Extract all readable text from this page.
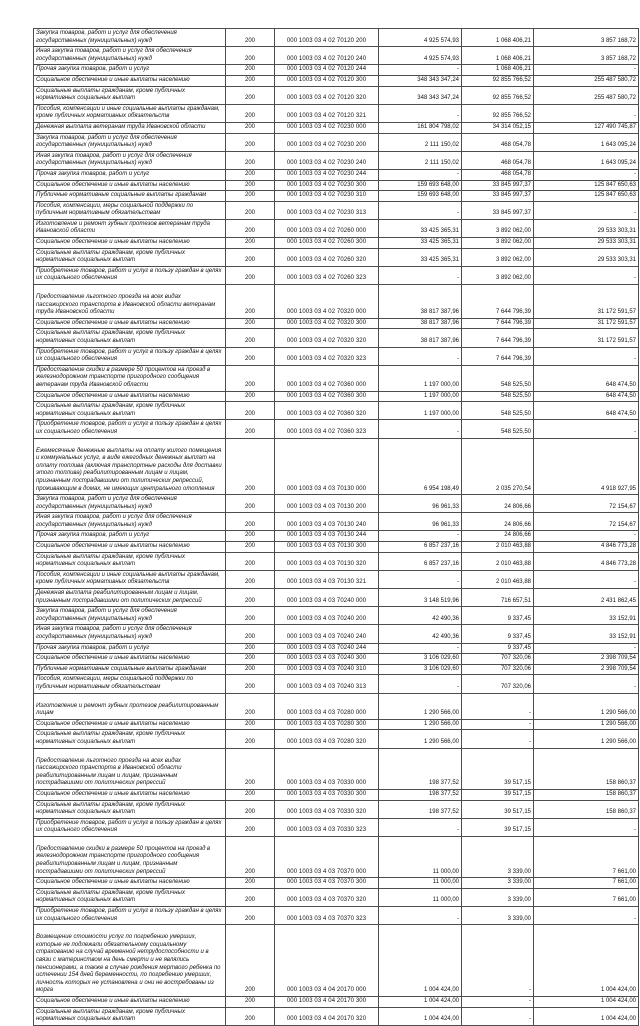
Закупка товаров, работ и услуг для обеспечения государственных (муниципальных) нужд	200	000 1003 03 4 02 70120 200	4 925 574,93	1 068 406,21	3 857 168,72
Иная закупка товаров, работ и услуг для обеспечения государственных (муниципальных) нужд	200	000 1003 03 4 02 70120 240	4 925 574,93	1 068 406,21	3 857 168,72
Прочая закупка товаров, работ и услуг	200	000 1003 03 4 02 70120 244	-	1 068 406,21	-
Социальное обеспечение и иные выплаты населению	200	000 1003 03 4 02 70120 300	348 343 347,24	92 855 766,52	255 487 580,72
Социальные выплаты гражданам, кроме публичных нормативных социальных выплат	200	000 1003 03 4 02 70120 320	348 343 347,24	92 855 766,52	255 487 580,72
Пособия, компенсации и иные социальные выплаты гражданам, кроме публичных нормативных обязательств	200	000 1003 03 4 02 70120 321	-	92 855 766,52	-
Денежная выплата ветеранам труда Ивановской области	200	000 1003 03 4 02 70230 000	161 804 798,02	34 314 052,15	127 490 745,87
Закупка товаров, работ и услуг для обеспечения государственных (муниципальных) нужд	200	000 1003 03 4 02 70230 200	2 111 150,02	468 054,78	1 643 095,24
Иная закупка товаров, работ и услуг для обеспечения государственных (муниципальных) нужд	200	000 1003 03 4 02 70230 240	2 111 150,02	468 054,78	1 643 095,24
Прочая закупка товаров, работ и услуг	200	000 1003 03 4 02 70230 244	-	468 054,78	-
Социальное обеспечение и иные выплаты населению	200	000 1003 03 4 02 70230 300	159 693 648,00	33 845 997,37	125 847 650,63
Публичные нормативные социальные выплаты гражданам	200	000 1003 03 4 02 70230 310	159 693 648,00	33 845 997,37	125 847 650,63
Пособия, компенсации, меры социальной поддержки по публичным нормативным обязательствам	200	000 1003 03 4 02 70230 313	-	33 845 997,37	-
Изготовление и ремонт зубных протезов ветеранам труда Ивановской области	200	000 1003 03 4 02 70260 000	33 425 365,31	3 892 062,00	29 533 303,31
Социальное обеспечение и иные выплаты населению	200	000 1003 03 4 02 70260 300	33 425 365,31	3 892 062,00	29 533 303,31
Социальные выплаты гражданам, кроме публичных нормативных социальных выплат	200	000 1003 03 4 02 70260 320	33 425 365,31	3 892 062,00	29 533 303,31
Приобретение товаров, работ и услуг в пользу граждан в целях их социального обеспечения	200	000 1003 03 4 02 70260 323	-	3 892 062,00	-
Предоставление льготного проезда на всех видах пассажирского транспорта в Ивановской области ветеранам труда Ивановской области	200	000 1003 03 4 02 70320 000	38 817 387,96	7 644 796,39	31 172 591,57
Социальное обеспечение и иные выплаты населению	200	000 1003 03 4 02 70320 300	38 817 387,96	7 644 796,39	31 172 591,57
Социальные выплаты гражданам, кроме публичных нормативных социальных выплат	200	000 1003 03 4 02 70320 320	38 817 387,96	7 644 796,39	31 172 591,57
Приобретение товаров, работ и услуг в пользу граждан в целях их социального обеспечения	200	000 1003 03 4 02 70320 323	-	7 644 796,39	-
Предоставление скидки в размере 50 процентов на проезд в железнодорожном транспорте пригородного сообщения ветеранам труда Ивановской области	200	000 1003 03 4 02 70360 000	1 197 000,00	548 525,50	648 474,50
Социальное обеспечение и иные выплаты населению	200	000 1003 03 4 02 70360 300	1 197 000,00	548 525,50	648 474,50
Социальные выплаты гражданам, кроме публичных нормативных социальных выплат	200	000 1003 03 4 02 70360 320	1 197 000,00	548 525,50	648 474,50
Приобретение товаров, работ и услуг в пользу граждан в целях их социального обеспечения	200	000 1003 03 4 02 70360 323	-	548 525,50	-
Ежемесячные денежные выплаты на оплату жилого помещения и коммунальных услуг, в виде ежегодных денежных выплат на оплату топлива (включая транспортные расходы для доставки этого топлива) реабилитированным лицам и лицам, признанным пострадавшими от политических репрессий, проживающим в домах, не имеющих центрального отопления	200	000 1003 03 4 03 70130 000	6 954 198,49	2 035 270,54	4 918 927,95
Закупка товаров, работ и услуг для обеспечения государственных (муниципальных) нужд	200	000 1003 03 4 03 70130 200	96 961,33	24 806,66	72 154,67
Иная закупка товаров, работ и услуг для обеспечения государственных (муниципальных) нужд	200	000 1003 03 4 03 70130 240	96 961,33	24 806,66	72 154,67
Прочая закупка товаров, работ и услуг	200	000 1003 03 4 03 70130 244	-	24 806,66	-
Социальное обеспечение и иные выплаты населению	200	000 1003 03 4 03 70130 300	6 857 237,16	2 010 463,88	4 846 773,28
Социальные выплаты гражданам, кроме публичных нормативных социальных выплат	200	000 1003 03 4 03 70130 320	6 857 237,16	2 010 463,88	4 846 773,28
Пособия, компенсации и иные социальные выплаты гражданам, кроме публичных нормативных обязательств	200	000 1003 03 4 03 70130 321	-	2 010 463,88	-
Денежная выплата реабилитированным лицам и лицам, признанным пострадавшими от политических репрессий	200	000 1003 03 4 03 70240 000	3 148 519,96	716 657,51	2 431 862,45
Закупка товаров, работ и услуг для обеспечения государственных (муниципальных) нужд	200	000 1003 03 4 03 70240 200	42 490,36	9 337,45	33 152,91
Иная закупка товаров, работ и услуг для обеспечения государственных (муниципальных) нужд	200	000 1003 03 4 03 70240 240	42 490,36	9 337,45	33 152,91
Прочая закупка товаров, работ и услуг	200	000 1003 03 4 03 70240 244	-	9 337,45	-
Социальное обеспечение и иные выплаты населению	200	000 1003 03 4 03 70240 300	3 106 029,60	707 320,06	2 398 709,54
Публичные нормативные социальные выплаты гражданам	200	000 1003 03 4 03 70240 310	3 106 029,60	707 320,06	2 398 709,54
Пособия, компенсации, меры социальной поддержки по публичным нормативным обязательствам	200	000 1003 03 4 03 70240 313	-	707 320,06	-
Изготовление и ремонт зубных протезов реабилитированным лицам	200	000 1003 03 4 03 70280 000	1 290 566,00	-	1 290 566,00
Социальное обеспечение и иные выплаты населению	200	000 1003 03 4 03 70280 300	1 290 566,00	-	1 290 566,00
Социальные выплаты гражданам, кроме публичных нормативных социальных выплат	200	000 1003 03 4 03 70280 320	1 290 566,00	-	1 290 566,00
Предоставление льготного проезда на всех видах пассажирского транспорта в Ивановской области реабилитированным лицам и лицам, признанным пострадавшими от политических репрессий	200	000 1003 03 4 03 70330 000	198 377,52	39 517,15	158 860,37
Социальное обеспечение и иные выплаты населению	200	000 1003 03 4 03 70330 300	198 377,52	39 517,15	158 860,37
Социальные выплаты гражданам, кроме публичных нормативных социальных выплат	200	000 1003 03 4 03 70330 320	198 377,52	39 517,15	158 860,37
Приобретение товаров, работ и услуг в пользу граждан в целях их социального обеспечения	200	000 1003 03 4 03 70330 323	-	39 517,15	-
Предоставление скидки в размере 50 процентов на проезд в железнодорожном транспорте пригородного сообщения реабилитированным лицам и лицам, признанным пострадавшими от политических репрессий	200	000 1003 03 4 03 70370 000	11 000,00	3 339,00	7 661,00
Социальное обеспечение и иные выплаты населению	200	000 1003 03 4 03 70370 300	11 000,00	3 339,00	7 661,00
Социальные выплаты гражданам, кроме публичных нормативных социальных выплат	200	000 1003 03 4 03 70370 320	11 000,00	3 339,00	7 661,00
Приобретение товаров, работ и услуг в пользу граждан в целях их социального обеспечения	200	000 1003 03 4 03 70370 323	-	3 339,00	-
Возмещение стоимости услуг по погребению умерших, которые не подлежали обязательному социальному страхованию на случай временной нетрудоспособности и в связи с материнством на день смерти и не являлись пенсионерами, а также в случае рождения мертвого ребенка по истечении 154 дней беременности, по погребению умерших, личность которых не установлена и они не востребованы из морга	200	000 1003 03 4 04 20170 000	1 004 424,00	-	1 004 424,00
Социальное обеспечение и иные выплаты населению	200	000 1003 03 4 04 20170 300	1 004 424,00	-	1 004 424,00
Социальные выплаты гражданам, кроме публичных нормативных социальных выплат	200	000 1003 03 4 04 20170 320	1 004 424,00	-	1 004 424,00
